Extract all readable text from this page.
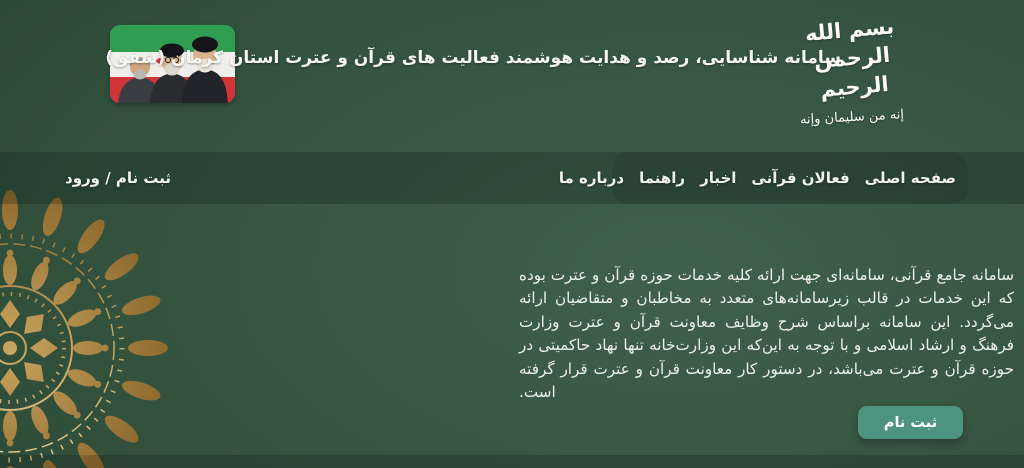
سامانه شناسایی، رصد و هدایت هوشمند فعالیت های قرآن و عترت استان کرمان (شفق)
بسم الله الرحمن الرحيم
إنه من سليمان وإنه
صفحه اصلی
فعالان قرآنی
اخبار
راهنما
درباره ما
ثبت نام / ورود

سامانه جامع قرآنی، سامانه‌ای جهت ارائه کلیه خدمات حوزه قرآن و عترت بوده که این خدمات در قالب زیرسامانه‌های متعدد به مخاطبان و متقاضیان ارائه می‌گردد. این سامانه براساس شرح وظایف معاونت قرآن و عترت وزارت فرهنگ و ارشاد اسلامی و با توجه به این‌که این وزارت‌خانه تنها نهاد حاکمیتی در حوزه قرآن و عترت می‌باشد، در دستور کار معاونت قرآن و عترت قرار گرفته است.

ثبت نام
